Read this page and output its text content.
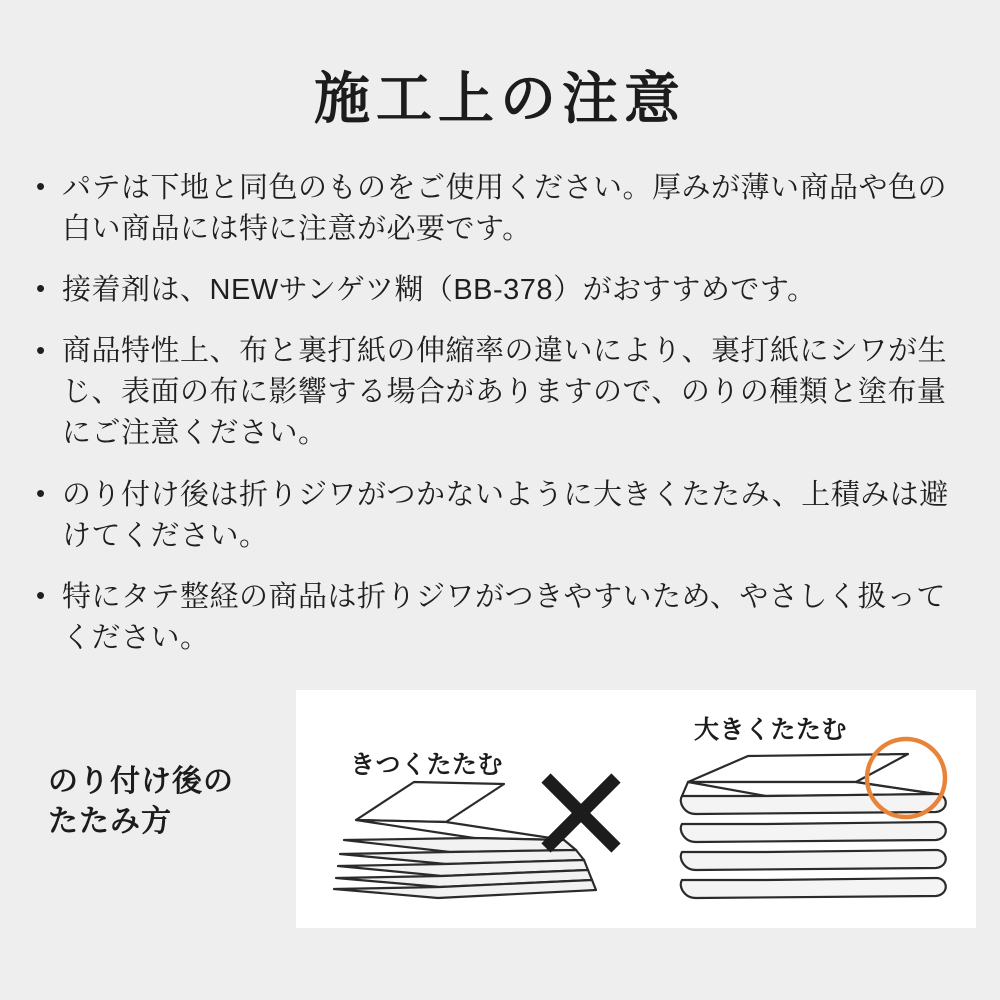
施工上の注意
• パテは下地と同色のものをご使用ください。厚みが薄い商品や色の白い商品には特に注意が必要です。
• 接着剤は、NEWサンゲツ糊（BB-378）がおすすめです。
• 商品特性上、布と裏打紙の伸縮率の違いにより、裏打紙にシワが生じ、表面の布に影響する場合がありますので、のりの種類と塗布量にご注意ください。
• のり付け後は折りジワがつかないように大きくたたみ、上積みは避けてください。
• 特にタテ整経の商品は折りジワがつきやすいため、やさしく扱ってください。
のり付け後の
たたみ方
きつくたたむ
大きくたたむ
